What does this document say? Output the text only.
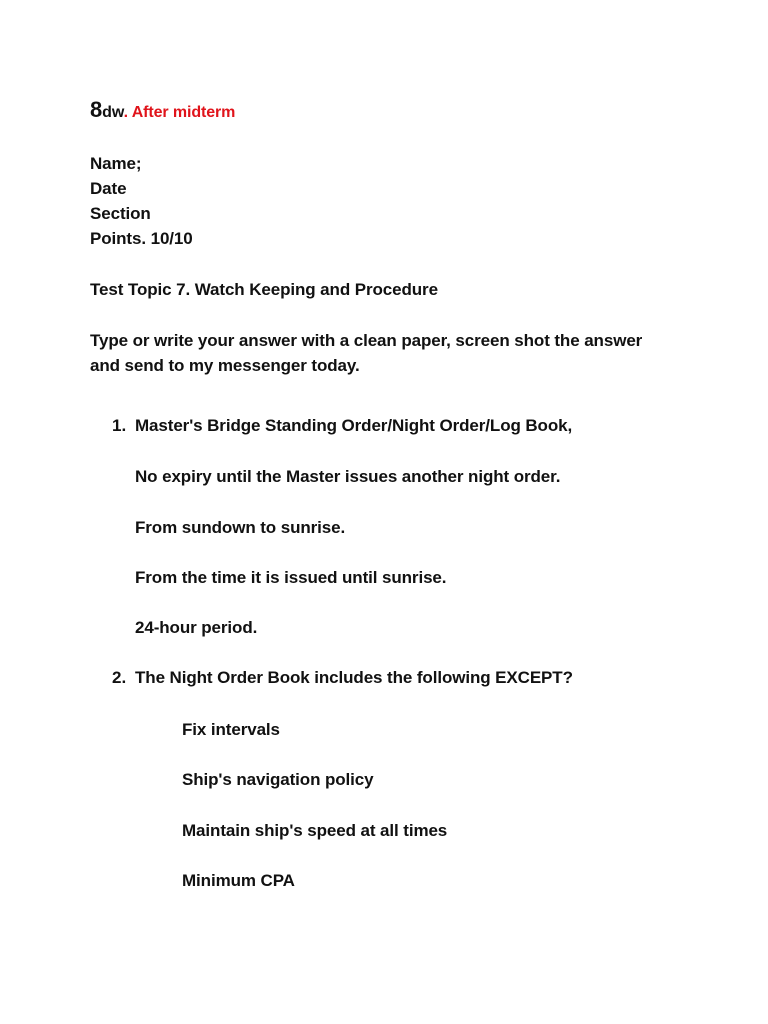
8dw. After midterm
Name;
Date
Section
Points. 10/10
Test Topic 7. Watch Keeping and Procedure
Type or write your answer with a clean paper, screen shot the answer
and send to my messenger today.
1. Master's Bridge Standing Order/Night Order/Log Book,
No expiry until the Master issues another night order.
From sundown to sunrise.
From the time it is issued until sunrise.
24-hour period.
2. The Night Order Book includes the following EXCEPT?
Fix intervals
Ship's navigation policy
Maintain ship's speed at all times
Minimum CPA
